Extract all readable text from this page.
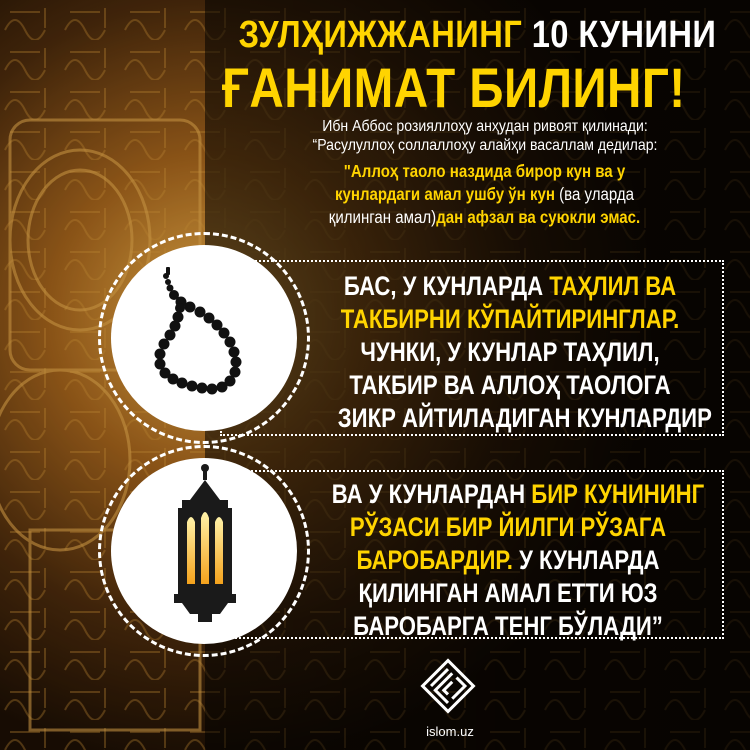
ЗУЛҲИЖЖАНИНГ 10 КУНИНИ
ҒАНИМАТ БИЛИНГ!
Ибн Аббос розияллоҳу анҳудан ривоят қилинади:
“Расулуллоҳ соллаллоҳу алайҳи васаллам дедилар:
"Аллоҳ таоло наздида бирор кун ва у
кунлардаги амал ушбу ўн кун (ва уларда
қилинган амал)дан афзал ва суюкли эмас.
БАС, У КУНЛАРДА ТАҲЛИЛ ВА
ТАКБИРНИ КЎПАЙТИРИНГЛАР.
ЧУНКИ, У КУНЛАР ТАҲЛИЛ,
ТАКБИР ВА АЛЛОҲ ТАОЛОГА
ЗИКР АЙТИЛАДИГАН КУНЛАРДИР
ВА У КУНЛАРДАН БИР КУНИНИНГ
РЎЗАСИ БИР ЙИЛГИ РЎЗАГА
БАРОБАРДИР. У КУНЛАРДА
ҚИЛИНГАН АМАЛ ЕТТИ ЮЗ
БАРОБАРГА ТЕНГ БЎЛАДИ”
islom.uz
